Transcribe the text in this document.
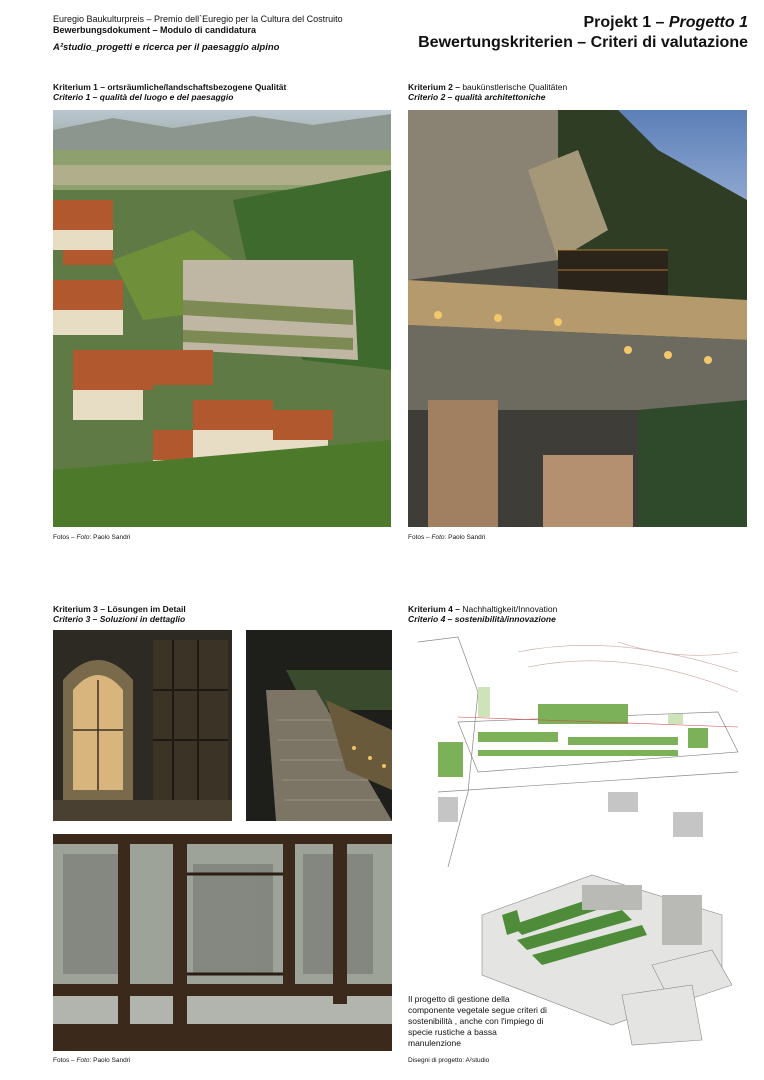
Euregio Baukulturpreis – Premio dell`Euregio per la Cultura del Costruito
Bewerbungsdokument – Modulo di candidatura
A²studio_progetti e ricerca per il paesaggio alpino
Projekt 1 – Progetto 1
Bewertungskriterien – Criteri di valutazione
Kriterium 1 – ortsräumliche/landschaftsbezogene Qualität
Criterio 1 – qualità del luogo e del paesaggio
Fotos – Foto: Paolo Sandri
Kriterium 2 – baukünstlerische Qualitäten
Criterio 2 – qualità architettoniche
Fotos – Foto: Paolo Sandri
Kriterium 3 – Lösungen im Detail
Criterio 3 – Soluzioni in dettaglio
Fotos – Foto: Paolo Sandri
Kriterium 4 – Nachhaltigkeit/Innovation
Criterio 4 – sostenibilità/innovazione
Il progetto di gestione della componente vegetale segue criteri di sostenibilità , anche con l'impiego di specie rustiche a bassa manulenzione
Disegni di progetto: A²studio
